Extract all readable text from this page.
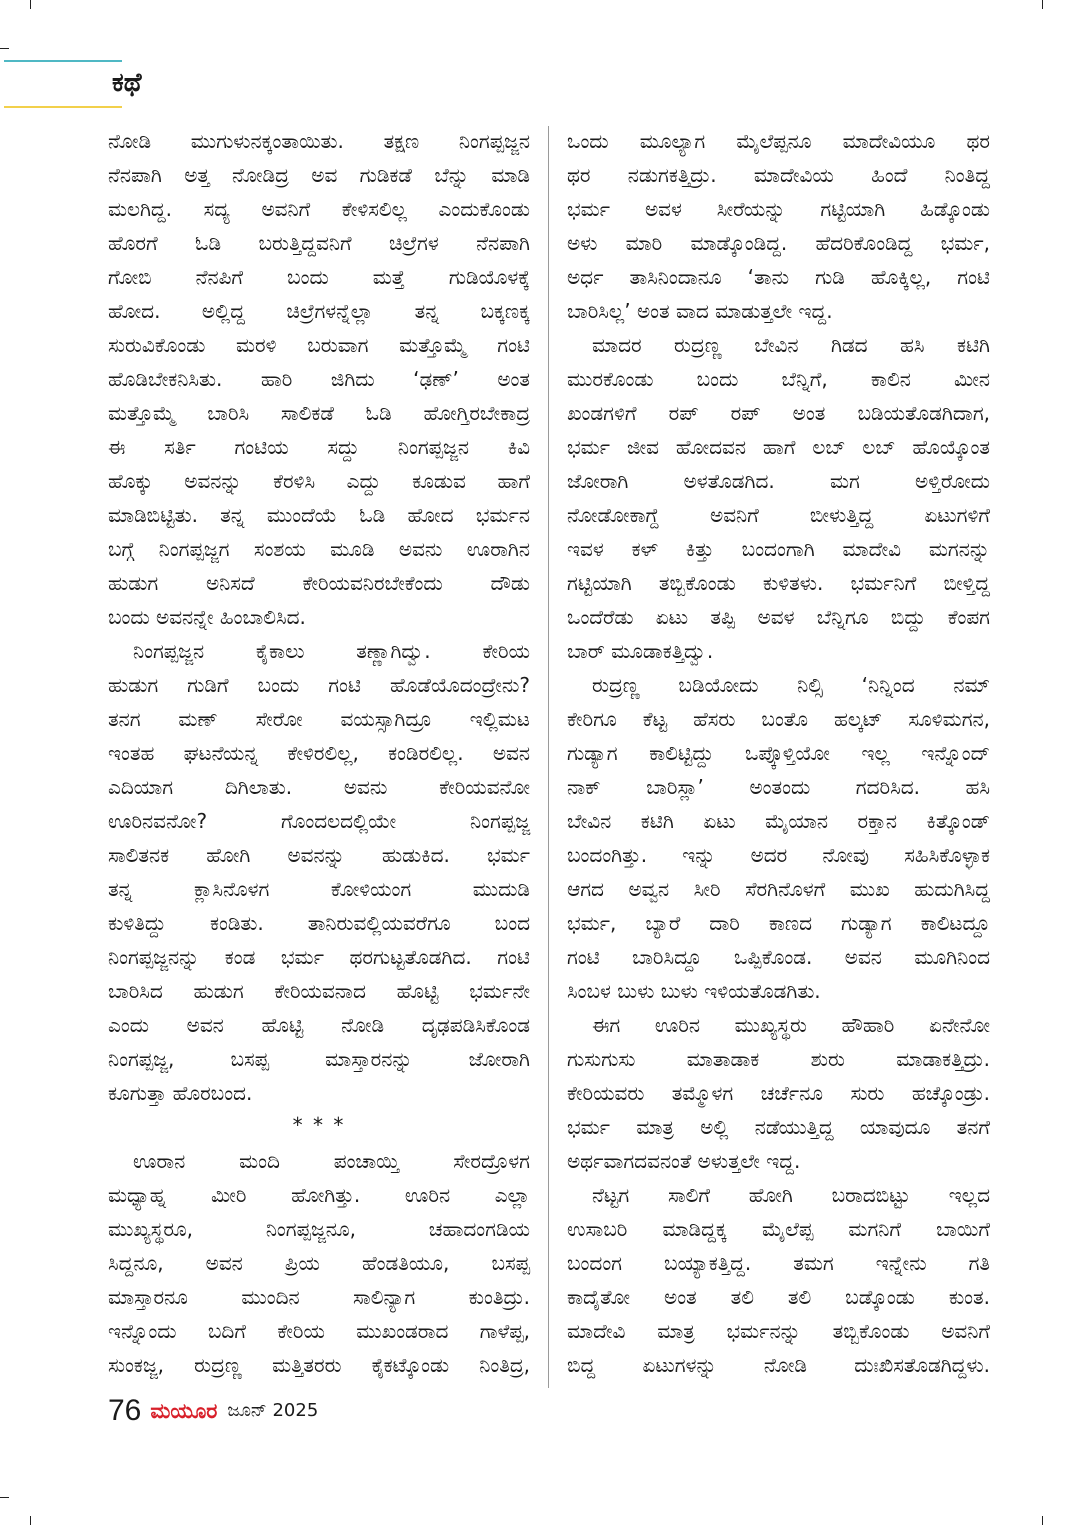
ಕಥೆ
ನೋಡಿ ಮುಗುಳುನಕ್ಕಂತಾಯಿತು. ತಕ್ಷಣ ನಿಂಗಪ್ಪಜ್ಜನ
ನೆನಪಾಗಿ ಅತ್ತ ನೋಡಿದ್ರ ಅವ ಗುಡಿಕಡೆ ಬೆನ್ನು ಮಾಡಿ
ಮಲಗಿದ್ದ. ಸದ್ಯ ಅವನಿಗೆ ಕೇಳಿಸಲಿಲ್ಲ ಎಂದುಕೊಂಡು
ಹೊರಗೆ ಓಡಿ ಬರುತ್ತಿದ್ದವನಿಗೆ ಚಿಲ್ರೆಗಳ ನೆನಪಾಗಿ
ಗೋಬಿ ನೆನಪಿಗೆ ಬಂದು ಮತ್ತೆ ಗುಡಿಯೊಳಕ್ಕೆ
ಹೋದ. ಅಲ್ಲಿದ್ದ ಚಿಲ್ರೆಗಳನ್ನೆಲ್ಲಾ ತನ್ನ ಬಕ್ಕಣಕ್ಕ
ಸುರುವಿಕೊಂಡು ಮರಳಿ ಬರುವಾಗ ಮತ್ತೊಮ್ಮೆ ಗಂಟಿ
ಹೊಡಿಬೇಕನಿಸಿತು. ಹಾರಿ ಜಿಗಿದು ‘ಢಣ್’ ಅಂತ
ಮತ್ತೊಮ್ಮೆ ಬಾರಿಸಿ ಸಾಲಿಕಡೆ ಓಡಿ ಹೋಗ್ತಿರಬೇಕಾದ್ರ
ಈ ಸರ್ತಿ ಗಂಟಿಯ ಸದ್ದು ನಿಂಗಪ್ಪಜ್ಜನ ಕಿವಿ
ಹೊಕ್ಕು ಅವನನ್ನು ಕೆರಳಿಸಿ ಎದ್ದು ಕೂಡುವ ಹಾಗೆ
ಮಾಡಿಬಿಟ್ಟಿತು. ತನ್ನ ಮುಂದೆಯೆ ಓಡಿ ಹೋದ ಭರ್ಮನ
ಬಗ್ಗೆ ನಿಂಗಪ್ಪಜ್ಜಗ ಸಂಶಯ ಮೂಡಿ ಅವನು ಊರಾಗಿನ
ಹುಡುಗ ಅನಿಸದೆ ಕೇರಿಯವನಿರಬೇಕೆಂದು ದೌಡು
ಬಂದು ಅವನನ್ನೇ ಹಿಂಬಾಲಿಸಿದ.
ನಿಂಗಪ್ಪಜ್ಜನ ಕೈಕಾಲು ತಣ್ಣಾಗಿದ್ವು. ಕೇರಿಯ
ಹುಡುಗ ಗುಡಿಗೆ ಬಂದು ಗಂಟಿ ಹೊಡೆಯೊದಂದ್ರೇನು?
ತನಗ ಮಣ್ ಸೇರೋ ವಯಸ್ಸಾಗಿದ್ರೂ ಇಲ್ಲಿಮಟ
ಇಂತಹ ಘಟನೆಯನ್ನ ಕೇಳಿರಲಿಲ್ಲ, ಕಂಡಿರಲಿಲ್ಲ. ಅವನ
ಎದಿಯಾಗ ದಿಗಿಲಾತು. ಅವನು ಕೇರಿಯವನೋ
ಊರಿನವನೋ? ಗೊಂದಲದಲ್ಲಿಯೇ ನಿಂಗಪ್ಪಜ್ಜ
ಸಾಲಿತನಕ ಹೋಗಿ ಅವನನ್ನು ಹುಡುಕಿದ. ಭರ್ಮ
ತನ್ನ ಕ್ಲಾಸಿನೊಳಗ ಕೋಳಿಯಂಗ ಮುದುಡಿ
ಕುಳಿತಿದ್ದು ಕಂಡಿತು. ತಾನಿರುವಲ್ಲಿಯವರೆಗೂ ಬಂದ
ನಿಂಗಪ್ಪಜ್ಜನನ್ನು ಕಂಡ ಭರ್ಮ ಥರಗುಟ್ಟತೊಡಗಿದ. ಗಂಟಿ
ಬಾರಿಸಿದ ಹುಡುಗ ಕೇರಿಯವನಾದ ಹೊಟ್ಟಿ ಭರ್ಮನೇ
ಎಂದು ಅವನ ಹೊಟ್ಟಿ ನೋಡಿ ದೃಢಪಡಿಸಿಕೊಂಡ
ನಿಂಗಪ್ಪಜ್ಜ, ಬಸಪ್ಪ ಮಾಸ್ತಾರನನ್ನು ಜೋರಾಗಿ
ಕೂಗುತ್ತಾ ಹೊರಬಂದ.
* * *
ಊರಾನ ಮಂದಿ ಪಂಚಾಯ್ತಿ ಸೇರದ್ರೊಳಗ
ಮಧ್ಯಾಹ್ನ ಮೀರಿ ಹೋಗಿತ್ತು. ಊರಿನ ಎಲ್ಲಾ
ಮುಖ್ಯಸ್ಥರೂ, ನಿಂಗಪ್ಪಜ್ಜನೂ, ಚಹಾದಂಗಡಿಯ
ಸಿದ್ದನೂ, ಅವನ ಪ್ರಿಯ ಹೆಂಡತಿಯೂ, ಬಸಪ್ಪ
ಮಾಸ್ತಾರನೂ ಮುಂದಿನ ಸಾಲಿನ್ಯಾಗ ಕುಂತಿದ್ರು.
ಇನ್ನೊಂದು ಬದಿಗೆ ಕೇರಿಯ ಮುಖಂಡರಾದ ಗಾಳೆಪ್ಪ,
ಸುಂಕಜ್ಜ, ರುದ್ರಣ್ಣ ಮತ್ತಿತರರು ಕೈಕಟ್ಕೊಂಡು ನಿಂತಿದ್ರ,
ಒಂದು ಮೂಲ್ಯಾಗ ಮೈಲೆಪ್ಪನೂ ಮಾದೇವಿಯೂ ಥರ
ಥರ ನಡುಗಕತ್ತಿದ್ರು. ಮಾದೇವಿಯ ಹಿಂದೆ ನಿಂತಿದ್ದ
ಭರ್ಮ ಅವಳ ಸೀರೆಯನ್ನು ಗಟ್ಟಿಯಾಗಿ ಹಿಡ್ಕೊಂಡು
ಅಳು ಮಾರಿ ಮಾಡ್ಕೊಂಡಿದ್ದ. ಹೆದರಿಕೊಂಡಿದ್ದ ಭರ್ಮ,
ಅರ್ಧ ತಾಸಿನಿಂದಾನೂ ‘ತಾನು ಗುಡಿ ಹೊಕ್ಕಿಲ್ಲ, ಗಂಟಿ
ಬಾರಿಸಿಲ್ಲ’ ಅಂತ ವಾದ ಮಾಡುತ್ತಲೇ ಇದ್ದ.
ಮಾದರ ರುದ್ರಣ್ಣ ಬೇವಿನ ಗಿಡದ ಹಸಿ ಕಟಿಗಿ
ಮುರಕೊಂಡು ಬಂದು ಬೆನ್ನಿಗೆ, ಕಾಲಿನ ಮೀನ
ಖಂಡಗಳಿಗೆ ರಪ್ ರಪ್ ಅಂತ ಬಡಿಯತೊಡಗಿದಾಗ,
ಭರ್ಮ ಜೀವ ಹೋದವನ ಹಾಗೆ ಲಬ್ ಲಬ್ ಹೊಯ್ಕೊಂತ
ಜೋರಾಗಿ ಅಳತೊಡಗಿದ. ಮಗ ಅಳ್ತಿರೋದು
ನೋಡೋಕಾಗ್ದೆ ಅವನಿಗೆ ಬೀಳುತ್ತಿದ್ದ ಏಟುಗಳಿಗೆ
ಇವಳ ಕಳ್ ಕಿತ್ತು ಬಂದಂಗಾಗಿ ಮಾದೇವಿ ಮಗನನ್ನು
ಗಟ್ಟಿಯಾಗಿ ತಬ್ಬಿಕೊಂಡು ಕುಳಿತಳು. ಭರ್ಮನಿಗೆ ಬೀಳ್ತಿದ್ದ
ಒಂದೆರೆಡು ಏಟು ತಪ್ಪಿ ಅವಳ ಬೆನ್ನಿಗೂ ಬಿದ್ದು ಕೆಂಪಗ
ಬಾರ್ ಮೂಡಾಕತ್ತಿದ್ವು.
ರುದ್ರಣ್ಣ ಬಡಿಯೋದು ನಿಲ್ಸಿ ‘ನಿನ್ನಿಂದ ನಮ್
ಕೇರಿಗೂ ಕೆಟ್ಟ ಹೆಸರು ಬಂತೊ ಹಲ್ಕಟ್ ಸೂಳಿಮಗನ,
ಗುಡ್ಯಾಗ ಕಾಲಿಟ್ಟಿದ್ದು ಒಪ್ಕೊಳ್ತಿಯೋ ಇಲ್ಲ ಇನ್ನೊಂದ್
ನಾಕ್ ಬಾರಿಸ್ಲಾ’ ಅಂತಂದು ಗದರಿಸಿದ. ಹಸಿ
ಬೇವಿನ ಕಟಿಗಿ ಏಟು ಮೈಯಾನ ರಕ್ತಾನ ಕಿತ್ಕೊಂಡ್
ಬಂದಂಗಿತ್ತು. ಇನ್ನು ಅದರ ನೋವು ಸಹಿಸಿಕೊಳ್ಳಾಕ
ಆಗದ ಅವ್ವನ ಸೀರಿ ಸೆರಗಿನೊಳಗೆ ಮುಖ ಹುದುಗಿಸಿದ್ದ
ಭರ್ಮ, ಬ್ಯಾರೆ ದಾರಿ ಕಾಣದ ಗುಡ್ಯಾಗ ಕಾಲಿಟದ್ದೂ
ಗಂಟಿ ಬಾರಿಸಿದ್ದೂ ಒಪ್ಪಿಕೊಂಡ. ಅವನ ಮೂಗಿನಿಂದ
ಸಿಂಬಳ ಬುಳು ಬುಳು ಇಳಿಯತೊಡಗಿತು.
ಈಗ ಊರಿನ ಮುಖ್ಯಸ್ಥರು ಹೌಹಾರಿ ಏನೇನೋ
ಗುಸುಗುಸು ಮಾತಾಡಾಕ ಶುರು ಮಾಡಾಕತ್ತಿದ್ರು.
ಕೇರಿಯವರು ತಮ್ಮೊಳಗ ಚರ್ಚೆನೂ ಸುರು ಹಚ್ಕೊಂಡ್ರು.
ಭರ್ಮ ಮಾತ್ರ ಅಲ್ಲಿ ನಡೆಯುತ್ತಿದ್ದ ಯಾವುದೂ ತನಗೆ
ಅರ್ಥವಾಗದವನಂತೆ ಅಳುತ್ತಲೇ ಇದ್ದ.
ನೆಟ್ಟಗ ಸಾಲಿಗೆ ಹೋಗಿ ಬರಾದಬಿಟ್ಟು ಇಲ್ಲದ
ಉಸಾಬರಿ ಮಾಡಿದ್ದಕ್ಕ ಮೈಲೆಪ್ಪ ಮಗನಿಗೆ ಬಾಯಿಗೆ
ಬಂದಂಗ ಬಯ್ಯಾಕತ್ತಿದ್ದ. ತಮಗ ಇನ್ನೇನು ಗತಿ
ಕಾದೈತೋ ಅಂತ ತಲಿ ತಲಿ ಬಡ್ಕೊಂಡು ಕುಂತ.
ಮಾದೇವಿ ಮಾತ್ರ ಭರ್ಮನನ್ನು ತಬ್ಬಿಕೊಂಡು ಅವನಿಗೆ
ಬಿದ್ದ ಏಟುಗಳನ್ನು ನೋಡಿ ದುಃಖಿಸತೊಡಗಿದ್ದಳು.
76 ಮಯೂರ ಜೂನ್ 2025
